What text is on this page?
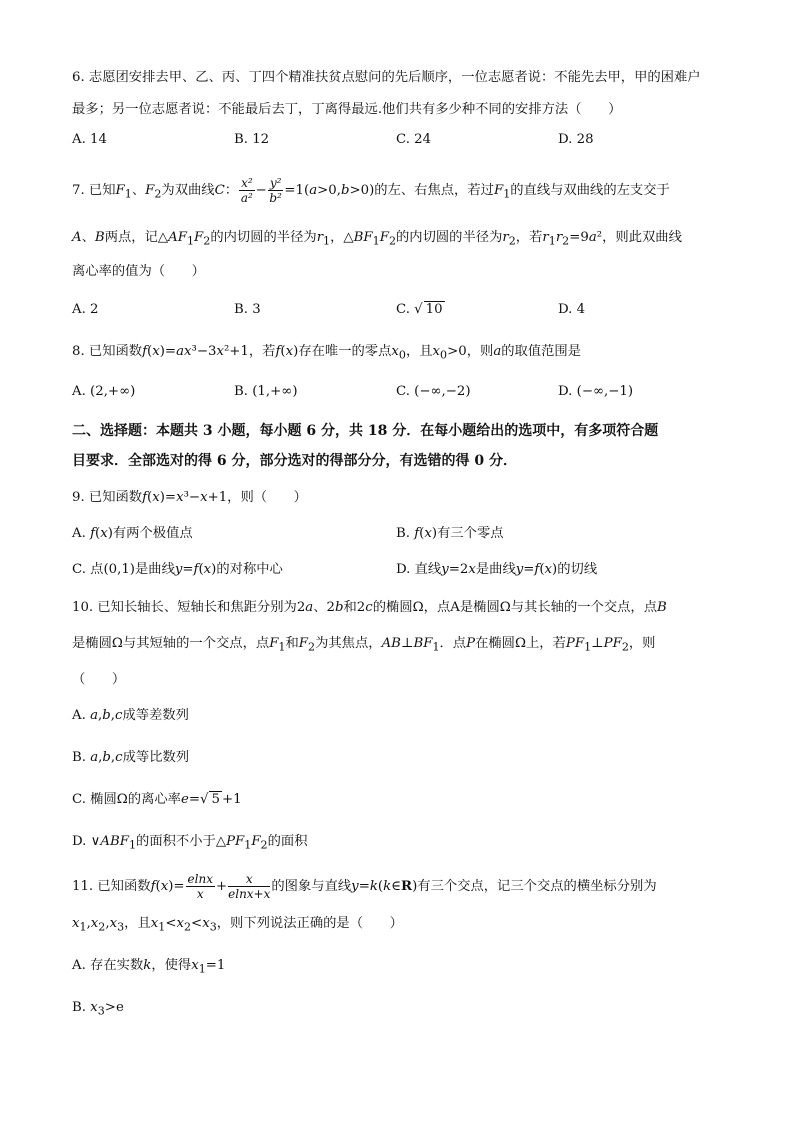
6. 志愿团安排去甲、乙、丙、丁四个精准扶贫点慰问的先后顺序，一位志愿者说：不能先去甲，甲的困难户
最多；另一位志愿者说：不能最后去丁，丁离得最远.他们共有多少种不同的安排方法（　　）
A. 14	B. 12	C. 24	D. 28
7. 已知$F_1$、$F_2$为双曲线C： $\frac{\text{x²}}{\text{a²}} - \frac{\text{y²}}{\text{b²}} =1(a>0,b>0)$的左、右焦点，若过$F_1$的直线与双曲线的左支交于
A、B两点，记$\triangle AF_1F_2$的内切圆的半径为$r_1$，$\triangle BF_1F_2$的内切圆的半径为$r_2$，若$r_1r_2=9a^2$，则此双曲线
离心率的值为（　　）
A. 2	B. 3	C. √ 10	D. 4
8. 已知函数f(x)=ax³−3x²+1，若f(x)存在唯一的零点$x_0$，且$x_0>0$，则a的取值范围是
A. (2,+∞)	B. (1,+∞)	C. (−∞,−2)	D. (−∞,−1)
二、选择题：本题共 3 小题，每小题 6 分，共 18 分．在每小题给出的选项中，有多项符合题
目要求．全部选对的得 6 分，部分选对的得部分分，有选错的得 0 分．
9. 已知函数f(x)=x³−x+1，则（　　）
A. f(x)有两个极值点	B. f(x)有三个零点
C. 点(0,1)是曲线y=f(x)的对称中心	D. 直线y=2x是曲线y=f(x)的切线
10. 已知长轴长、短轴长和焦距分别为2a、2b和2c的椭圆Ω，点A是椭圆Ω与其长轴的一个交点，点B
是椭圆Ω与其短轴的一个交点，点$F_1$和$F_2$为其焦点，$AB\perp BF_1$．点P在椭圆Ω上，若$PF_1\perp PF_2$，则
（　　）
A. a,b,c成等差数列
B. a,b,c成等比数列
C. 椭圆Ω的离心率e=√ 5 +1
D. $\vee ABF_1$的面积不小于$\triangle PF_1F_2$的面积
11. 已知函数$f(x)= \frac{elnx}{x} + \frac{x}{elnx+x}$ 的图象与直线y=k(k∈R)有三个交点，记三个交点的横坐标分别为
$x_1,x_2,x_3$，且$x_1<x_2<x_3$，则下列说法正确的是（　　）
A. 存在实数k，使得$x_1=1$
B. $x_3>e$
